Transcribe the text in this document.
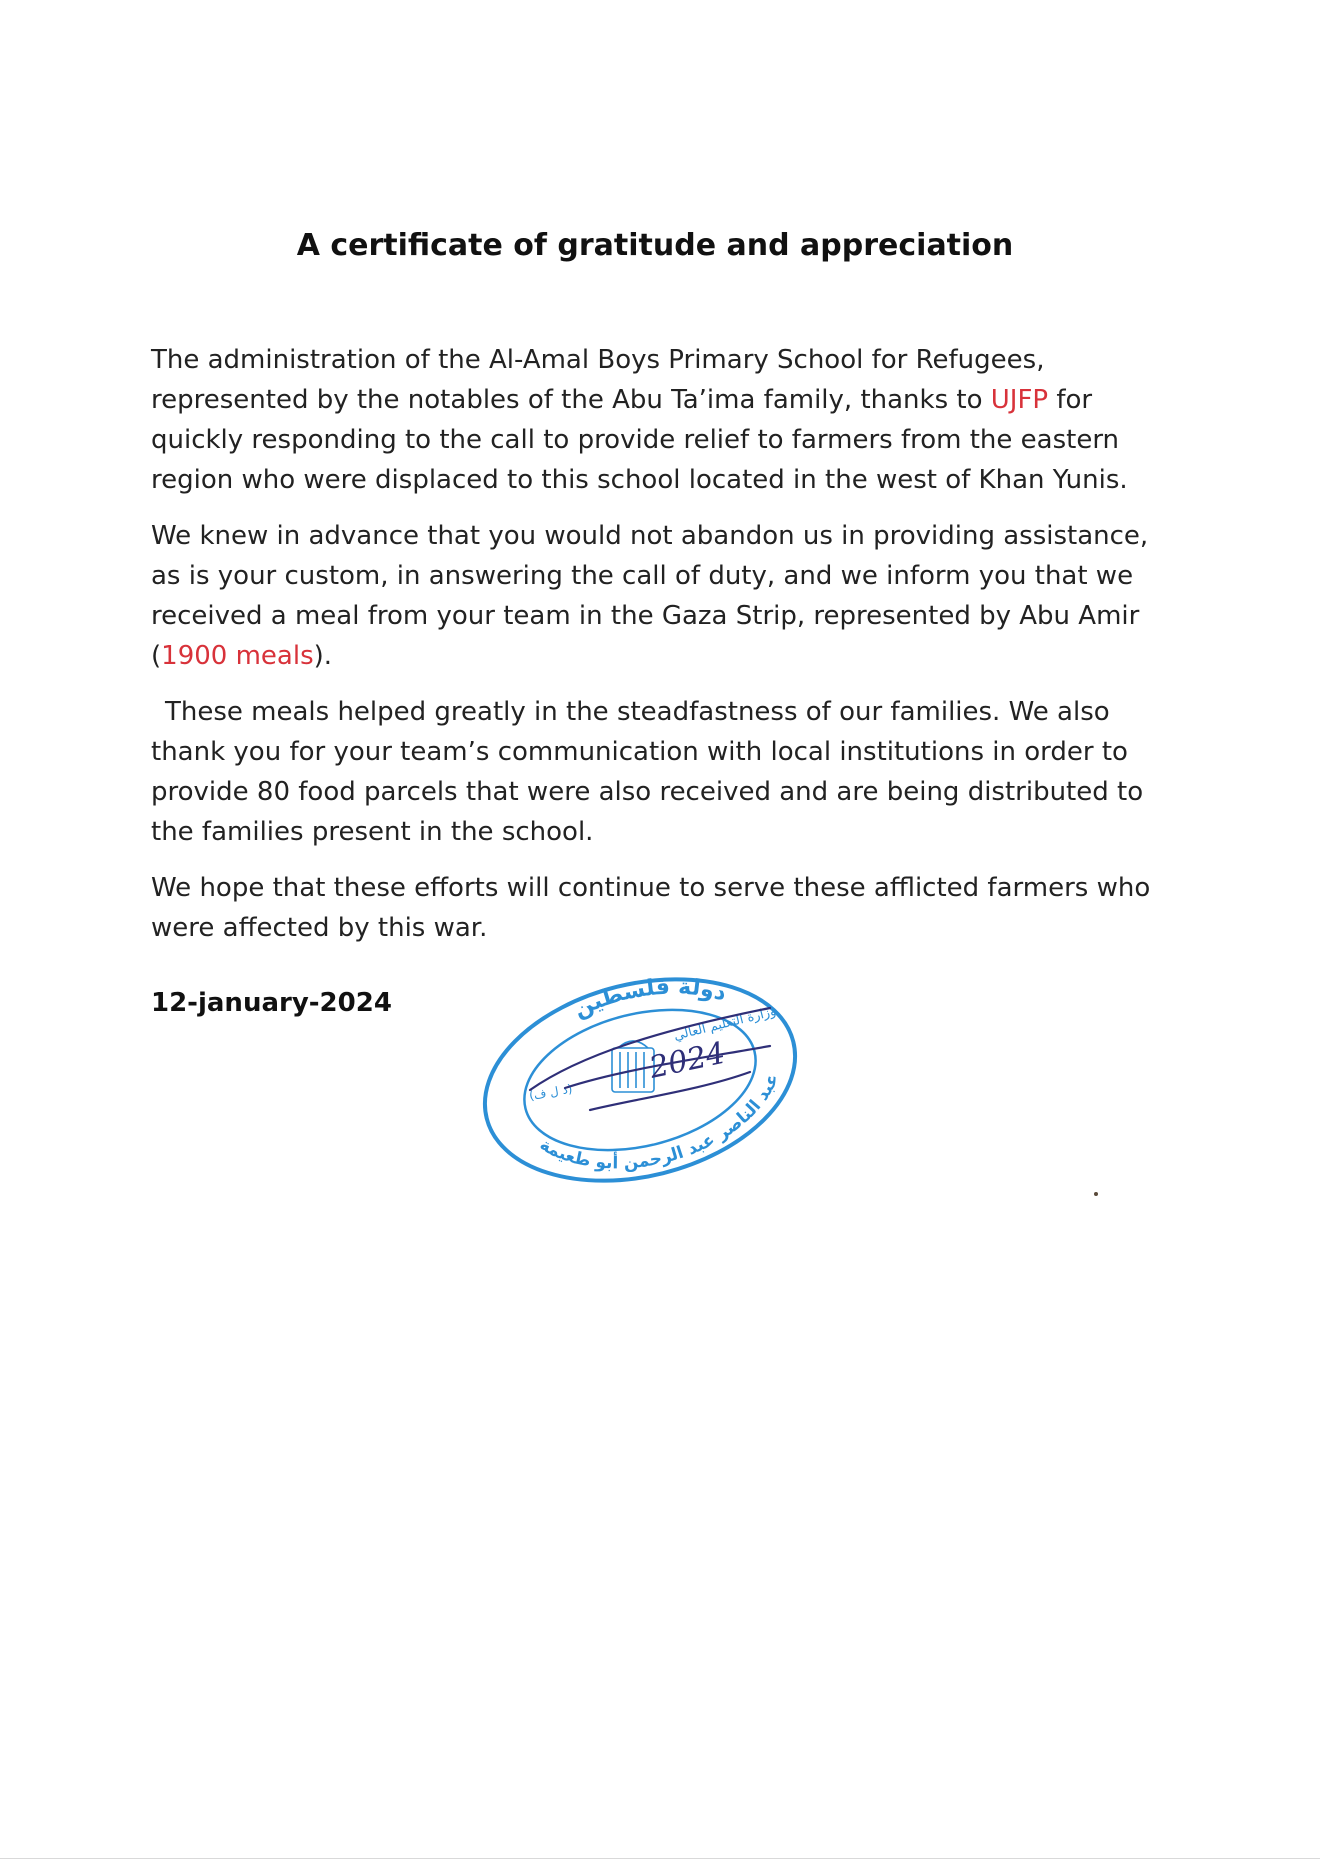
A certificate of gratitude and appreciation

The administration of the Al-Amal Boys Primary School for Refugees, represented by the notables of the Abu Ta’ima family, thanks to UJFP for quickly responding to the call to provide relief to farmers from the eastern region who were displaced to this school located in the west of Khan Yunis.

We knew in advance that you would not abandon us in providing assistance, as is your custom, in answering the call of duty, and we inform you that we received a meal from your team in the Gaza Strip, represented by Abu Amir (1900 meals).

These meals helped greatly in the steadfastness of our families. We also thank you for your team’s communication with local institutions in order to provide 80 food parcels that were also received and are being distributed to the families present in the school.

We hope that these efforts will continue to serve these afflicted farmers who were affected by this war.

12-january-2024	دولة فلسطين
عبد الناصر عبد الرحمن أبو طعيمة
وزارة التعليم العالي
(د ل ف)
2024
